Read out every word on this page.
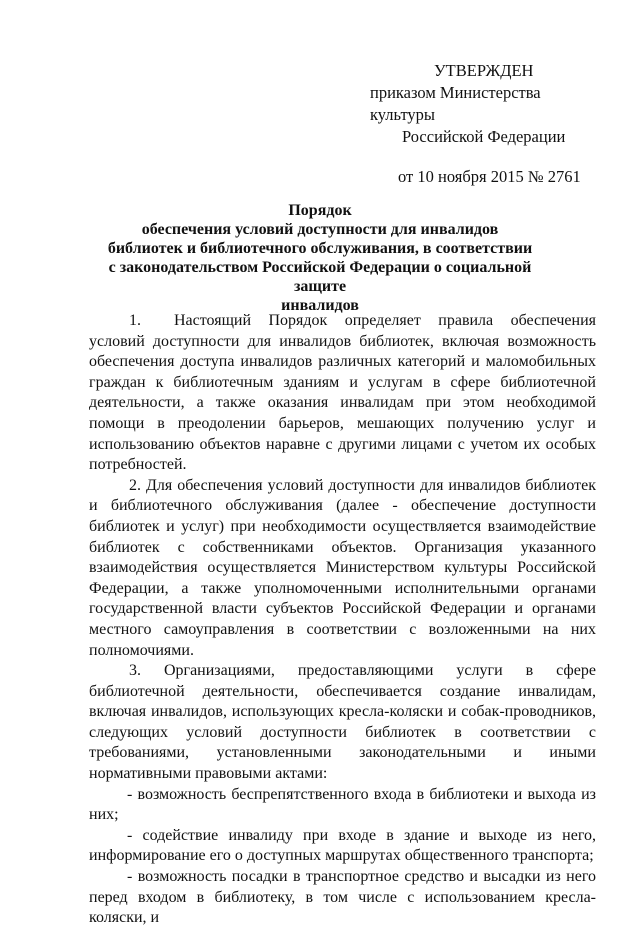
УТВЕРЖДЕН
приказом Министерства культуры
Российской Федерации
от 10 ноября 2015 № 2761
Порядок
обеспечения условий доступности для инвалидов
библиотек и библиотечного обслуживания, в соответствии
с законодательством Российской Федерации о социальной защите
инвалидов

1. Настоящий Порядок определяет правила обеспечения условий доступности для инвалидов библиотек, включая возможность обеспечения доступа инвалидов различных категорий и маломобильных граждан к библиотечным зданиям и услугам в сфере библиотечной деятельности, а также оказания инвалидам при этом необходимой помощи в преодолении барьеров, мешающих получению услуг и использованию объектов наравне с другими лицами с учетом их особых потребностей.

2. Для обеспечения условий доступности для инвалидов библиотек и библиотечного обслуживания (далее - обеспечение доступности библиотек и услуг) при необходимости осуществляется взаимодействие библиотек с собственниками объектов. Организация указанного взаимодействия осуществляется Министерством культуры Российской Федерации, а также уполномоченными исполнительными органами государственной власти субъектов Российской Федерации и органами местного самоуправления в соответствии с возложенными на них полномочиями.

3. Организациями, предоставляющими услуги в сфере библиотечной деятельности, обеспечивается создание инвалидам, включая инвалидов, использующих кресла-коляски и собак-проводников, следующих условий доступности библиотек в соответствии с требованиями, установленными законодательными и иными нормативными правовыми актами:

- возможность беспрепятственного входа в библиотеки и выхода из них;

- содействие инвалиду при входе в здание и выходе из него, информирование его о доступных маршрутах общественного транспорта;

- возможность посадки в транспортное средство и высадки из него перед входом в библиотеку, в том числе с использованием кресла-коляски, и
